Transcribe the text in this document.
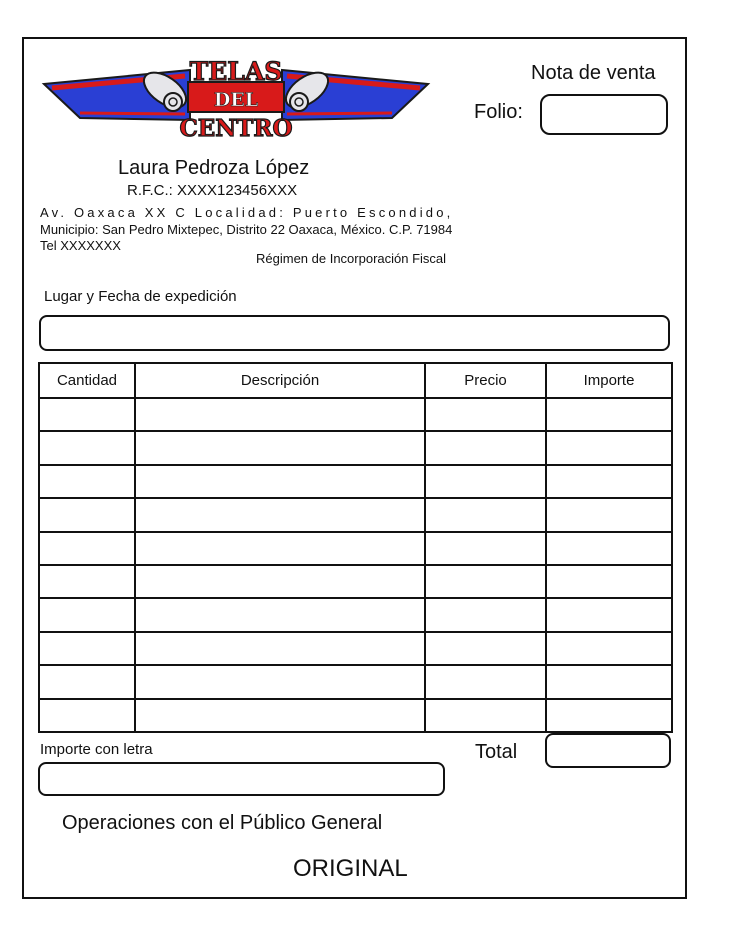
TELAS
DEL
CENTRO
Nota de venta
Folio:
Laura Pedroza López
R.F.C.: XXXX123456XXX
Av. Oaxaca XX C Localidad: Puerto Escondido,
Municipio: San Pedro Mixtepec, Distrito 22 Oaxaca, México. C.P. 71984
Tel XXXXXXX
Régimen de Incorporación Fiscal
Lugar y Fecha de expedición
Cantidad	Descripción	Precio	Importe

Importe con letra	Total
Operaciones con el Público General
ORIGINAL
